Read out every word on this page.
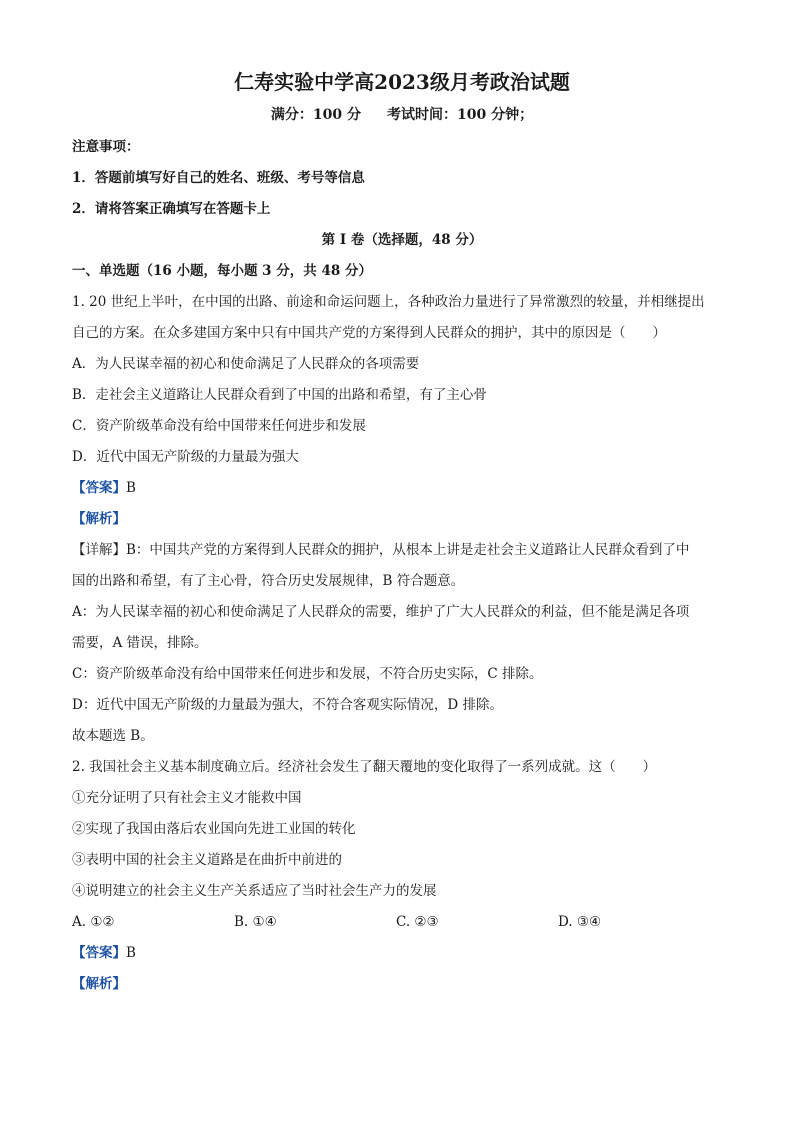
仁寿实验中学高2023级月考政治试题
满分：100 分 考试时间：100 分钟；
注意事项：
1．答题前填写好自己的姓名、班级、考号等信息
2．请将答案正确填写在答题卡上
第 I 卷（选择题，48 分）
一、单选题（16 小题，每小题 3 分，共 48 分）
1. 20 世纪上半叶，在中国的出路、前途和命运问题上，各种政治力量进行了异常激烈的较量，并相继提出
自己的方案。在众多建国方案中只有中国共产党的方案得到人民群众的拥护，其中的原因是（　　）
A．为人民谋幸福的初心和使命满足了人民群众的各项需要
B．走社会主义道路让人民群众看到了中国的出路和希望，有了主心骨
C．资产阶级革命没有给中国带来任何进步和发展
D．近代中国无产阶级的力量最为强大
【答案】B
【解析】
【详解】B：中国共产党的方案得到人民群众的拥护，从根本上讲是走社会主义道路让人民群众看到了中
国的出路和希望，有了主心骨，符合历史发展规律，B 符合题意。
A：为人民谋幸福的初心和使命满足了人民群众的需要，维护了广大人民群众的利益，但不能是满足各项
需要，A 错误，排除。
C：资产阶级革命没有给中国带来任何进步和发展，不符合历史实际，C 排除。
D：近代中国无产阶级的力量最为强大，不符合客观实际情况，D 排除。
故本题选 B。
2. 我国社会主义基本制度确立后。经济社会发生了翻天覆地的变化取得了一系列成就。这（　　）
①充分证明了只有社会主义才能救中国
②实现了我国由落后农业国向先进工业国的转化
③表明中国的社会主义道路是在曲折中前进的
④说明建立的社会主义生产关系适应了当时社会生产力的发展
A. ①②	B. ①④	C. ②③	D. ③④
【答案】B
【解析】
